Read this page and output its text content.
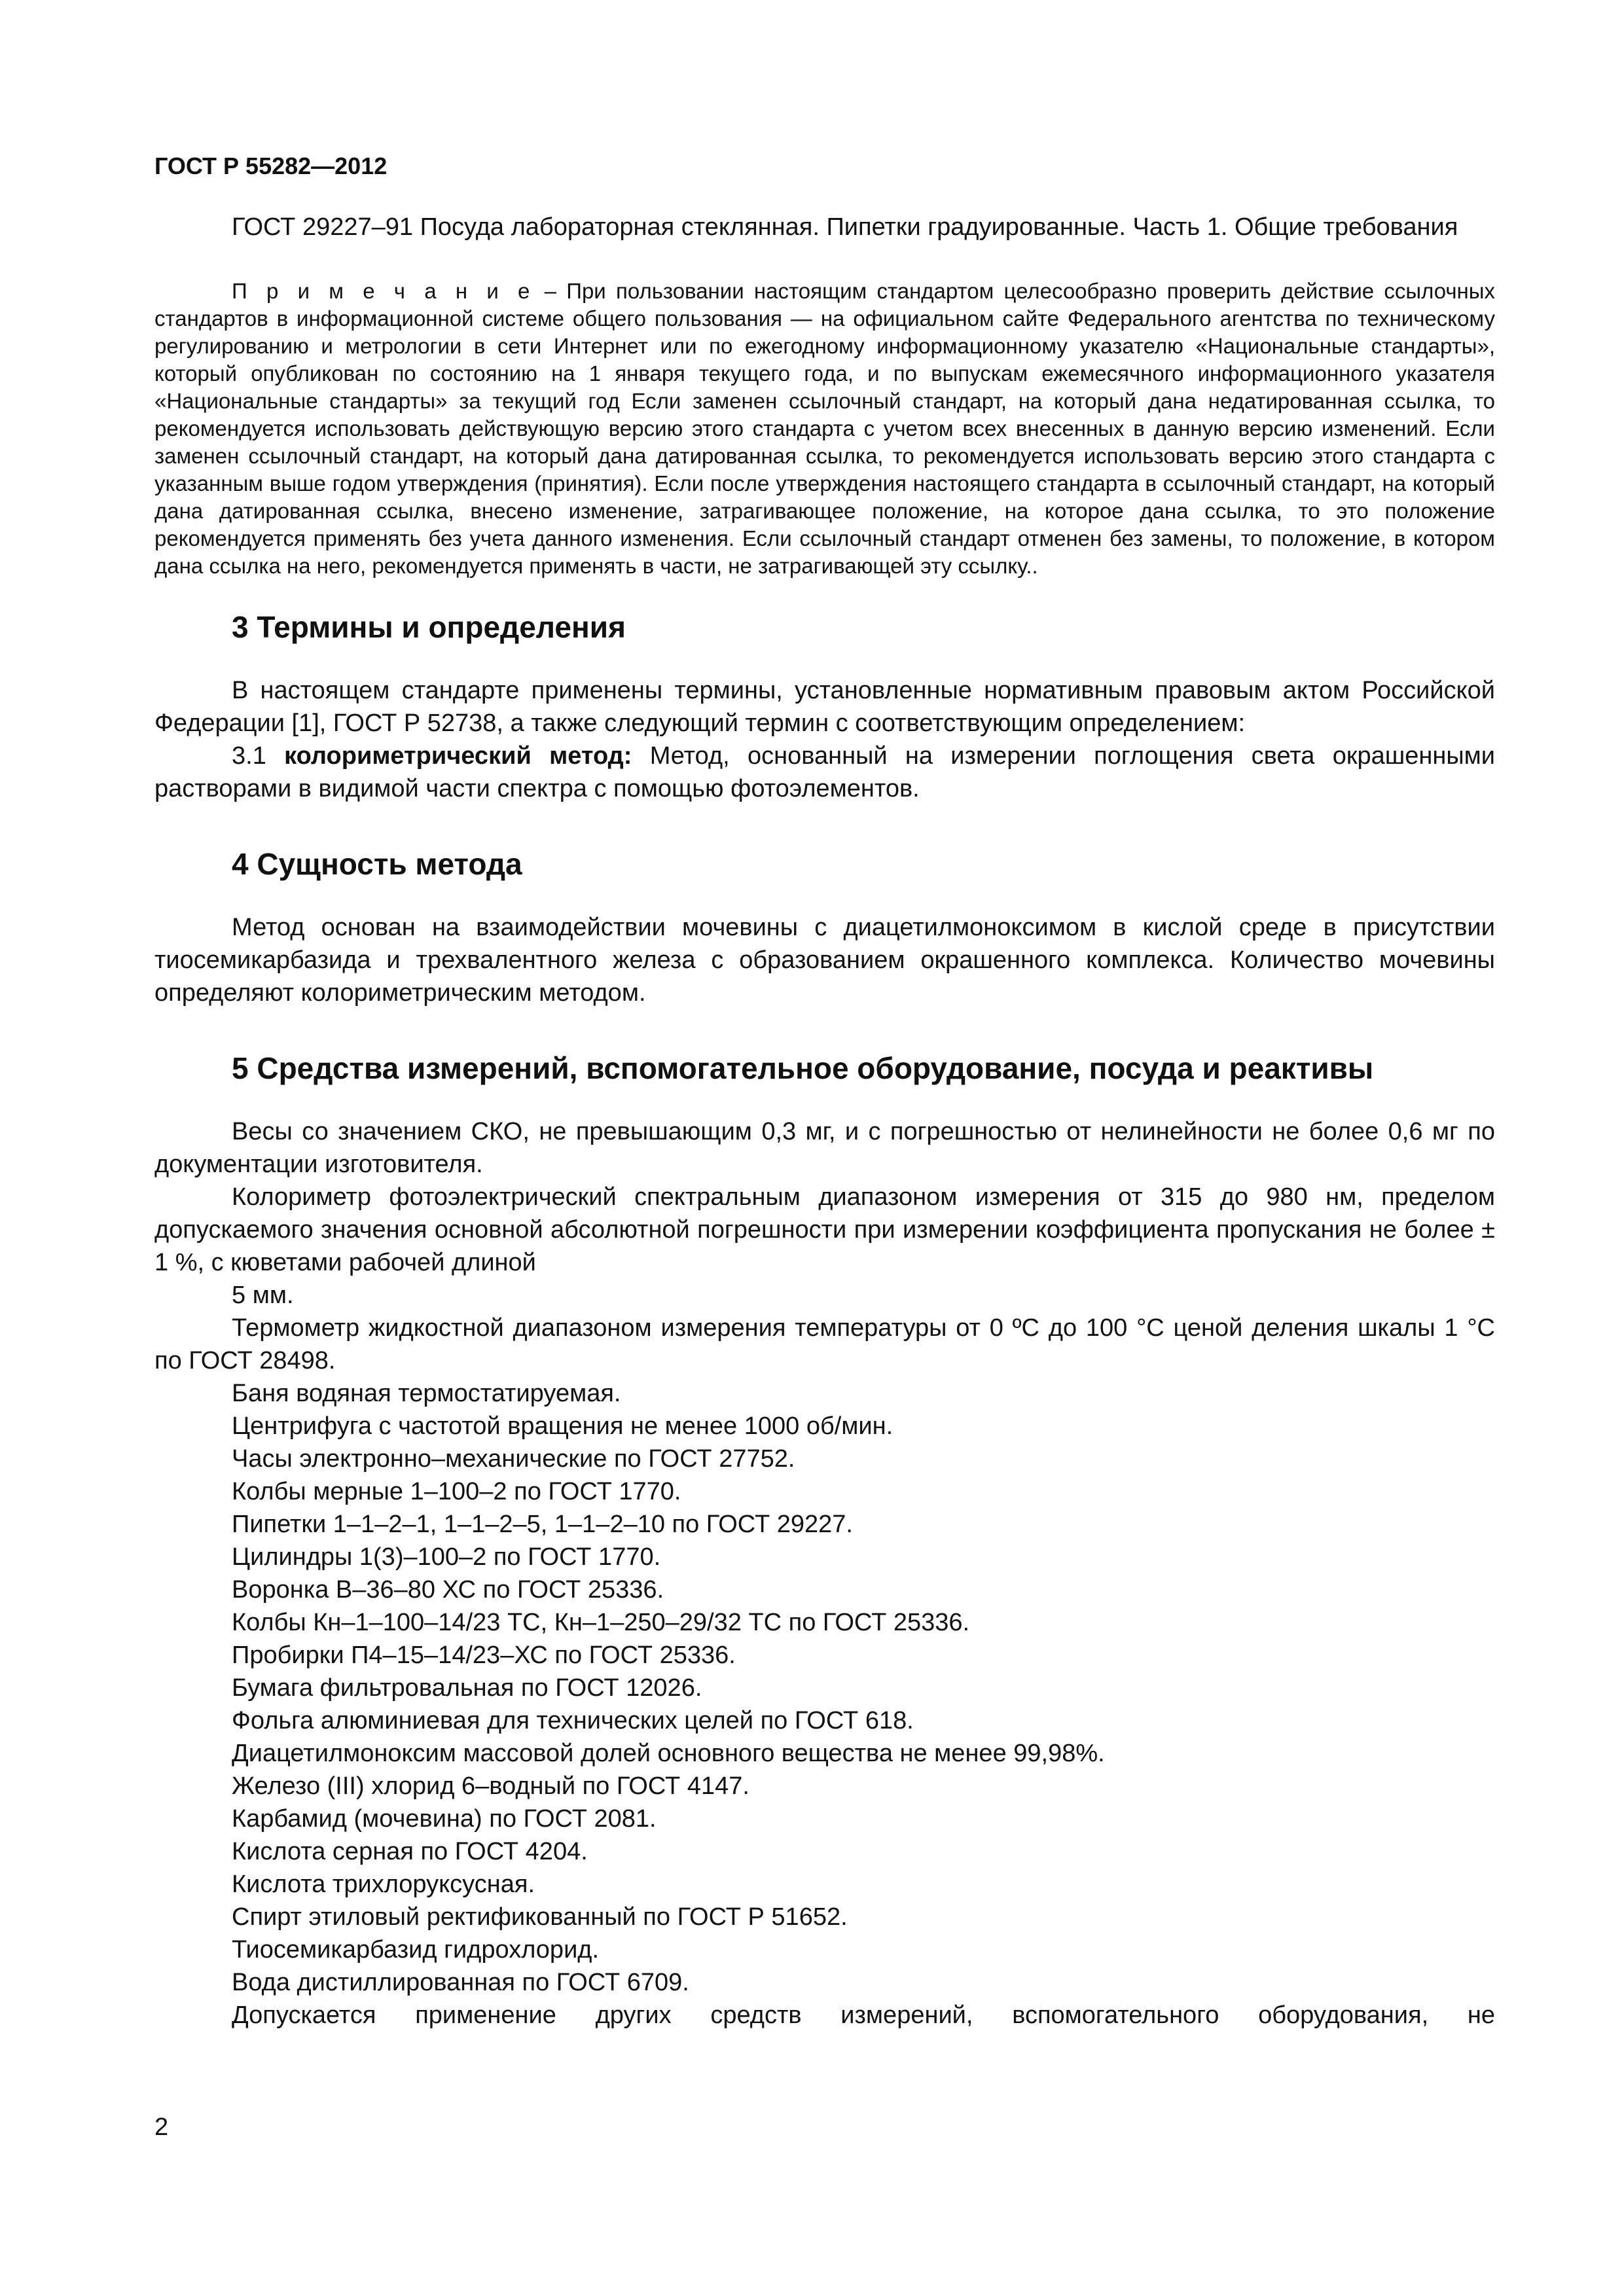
ГОСТ Р 55282—2012

ГОСТ 29227–91 Посуда лабораторная стеклянная. Пипетки градуированные. Часть 1. Общие требования

П р и м е ч а н и е – При пользовании настоящим стандартом целесообразно проверить действие ссылочных стандартов в информационной системе общего пользования — на официальном сайте Федерального агентства по техническому регулированию и метрологии в сети Интернет или по ежегодному информационному указателю «Национальные стандарты», который опубликован по состоянию на 1 января текущего года, и по выпускам ежемесячного информационного указателя «Национальные стандарты» за текущий год Если заменен ссылочный стандарт, на который дана недатированная ссылка, то рекомендуется использовать действующую версию этого стандарта с учетом всех внесенных в данную версию изменений. Если заменен ссылочный стандарт, на который дана датированная ссылка, то рекомендуется использовать версию этого стандарта с указанным выше годом утверждения (принятия). Если после утверждения настоящего стандарта в ссылочный стандарт, на который дана датированная ссылка, внесено изменение, затрагивающее положение, на которое дана ссылка, то это положение рекомендуется применять без учета данного изменения. Если ссылочный стандарт отменен без замены, то положение, в котором дана ссылка на него, рекомендуется применять в части, не затрагивающей эту ссылку..

3 Термины и определения

В настоящем стандарте применены термины, установленные нормативным правовым актом Российской Федерации [1], ГОСТ Р 52738, а также следующий термин с соответствующим определением:

3.1 колориметрический метод: Метод, основанный на измерении поглощения света окрашенными растворами в видимой части спектра с помощью фотоэлементов.

4 Сущность метода

Метод основан на взаимодействии мочевины с диацетилмоноксимом в кислой среде в присутствии тиосемикарбазида и трехвалентного железа с образованием окрашенного комплекса. Количество мочевины определяют колориметрическим методом.

5 Средства измерений, вспомогательное оборудование, посуда и реактивы

Весы со значением СКО, не превышающим 0,3 мг, и с погрешностью от нелинейности не более 0,6 мг по документации изготовителя.

Колориметр фотоэлектрический спектральным диапазоном измерения от 315 до 980 нм, пределом допускаемого значения основной абсолютной погрешности при измерении коэффициента пропускания не более ± 1 %, с кюветами рабочей длиной

5 мм.

Термометр жидкостной диапазоном измерения температуры от 0 ºС до 100 °С ценой деления шкалы 1 °С по ГОСТ 28498.

Баня водяная термостатируемая.

Центрифуга с частотой вращения не менее 1000 об/мин.

Часы электронно–механические по ГОСТ 27752.

Колбы мерные 1–100–2 по ГОСТ 1770.

Пипетки 1–1–2–1, 1–1–2–5, 1–1–2–10 по ГОСТ 29227.

Цилиндры 1(3)–100–2 по ГОСТ 1770.

Воронка В–36–80 ХС по ГОСТ 25336.

Колбы Кн–1–100–14/23 ТС, Кн–1–250–29/32 ТС по ГОСТ 25336.

Пробирки П4–15–14/23–ХС по ГОСТ 25336.

Бумага фильтровальная по ГОСТ 12026.

Фольга алюминиевая для технических целей по ГОСТ 618.

Диацетилмоноксим массовой долей основного вещества не менее 99,98%.

Железо (III) хлорид 6–водный по ГОСТ 4147.

Карбамид (мочевина) по ГОСТ 2081.

Кислота серная по ГОСТ 4204.

Кислота трихлоруксусная.

Спирт этиловый ректификованный по ГОСТ Р 51652.

Тиосемикарбазид гидрохлорид.

Вода дистиллированная по ГОСТ 6709.

Допускается применение других средств измерений, вспомогательного оборудования, не

2
